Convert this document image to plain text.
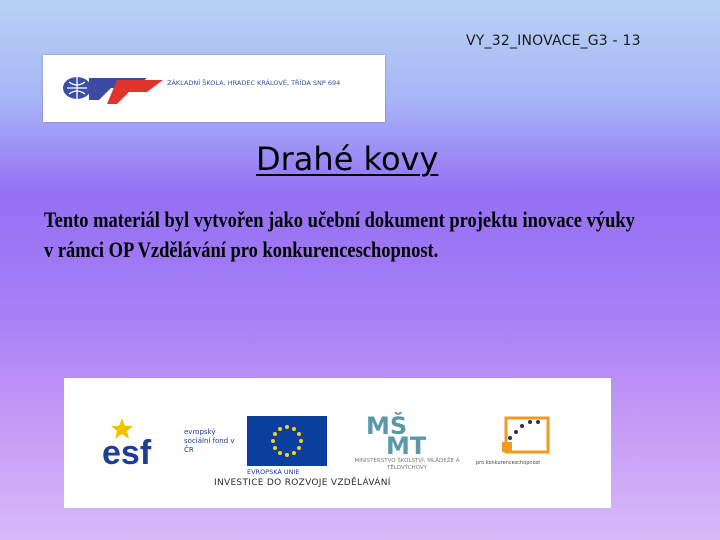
VY_32_INOVACE_G3 - 13
ZÁKLADNÍ ŠKOLA, HRADEC KRÁLOVÉ, TŘÍDA SNP 694
Drahé kovy
Tento materiál byl vytvořen jako učební dokument projektu inovace výuky
v rámci OP Vzdělávání pro konkurenceschopnost.
esf
evropský sociální fond v ČR
EVROPSKÁ UNIE
MŠ
MT
MINISTERSTVO ŠKOLSTVÍ, MLÁDEŽE A TĚLOVÝCHOVY
pro konkurenceschopnost
INVESTICE DO ROZVOJE VZDĚLÁVÁNÍ
